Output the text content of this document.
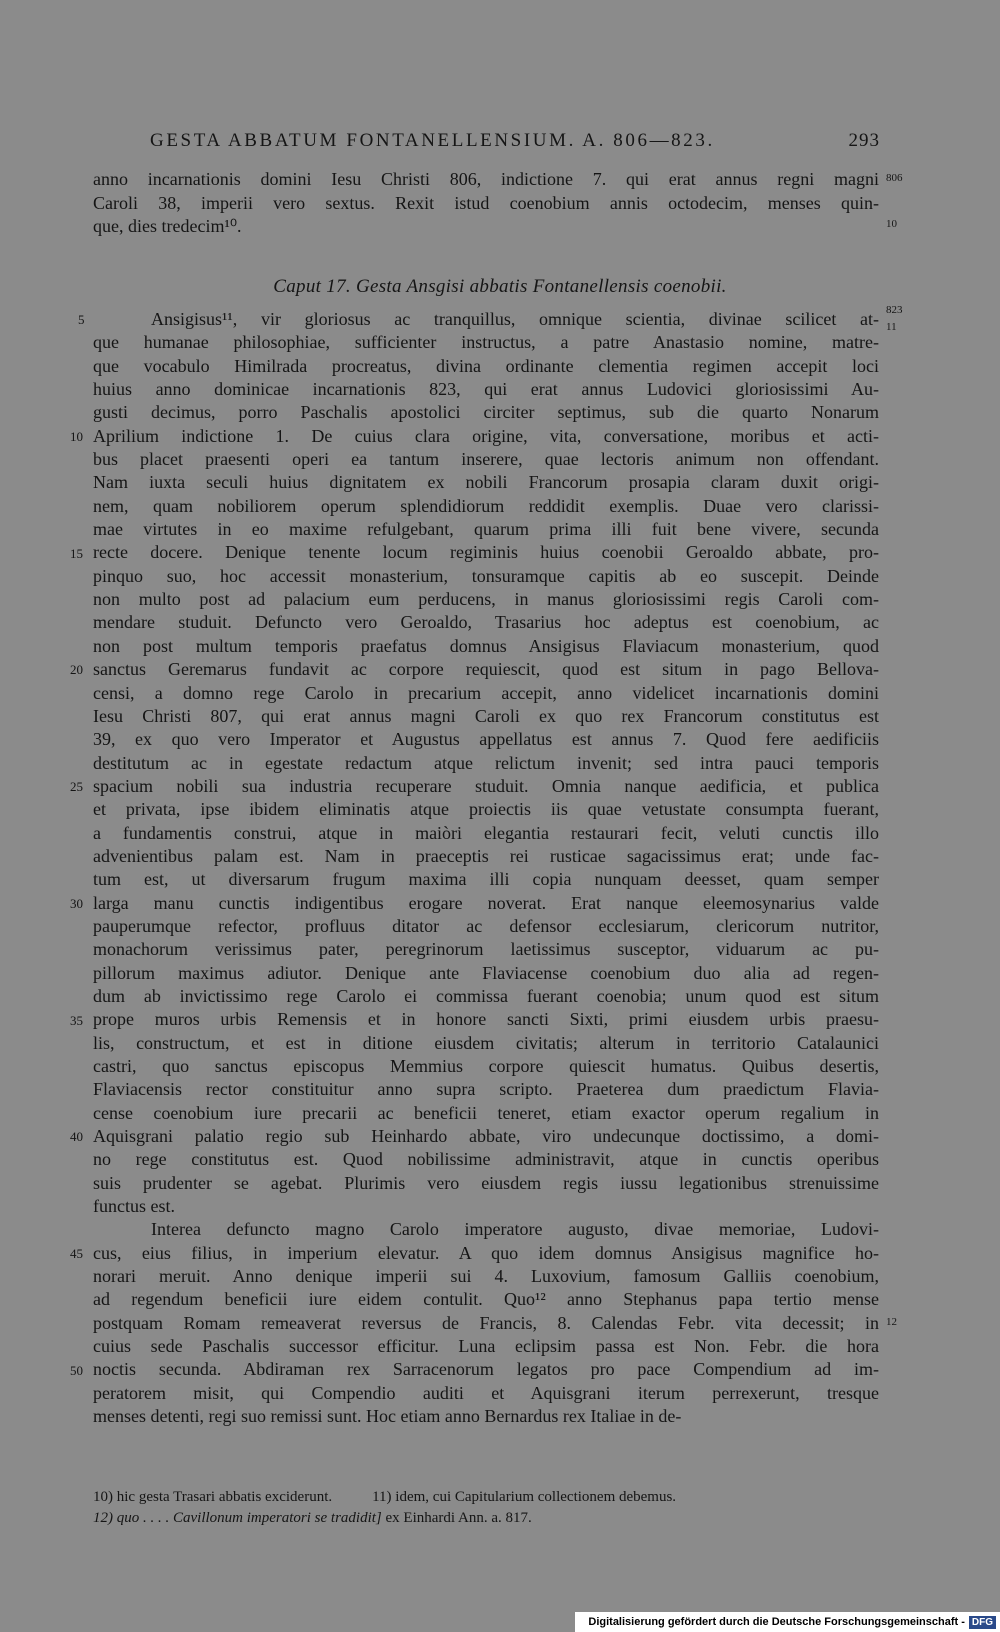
GESTA ABBATUM FONTANELLENSIUM. A. 806—823.	293
anno incarnationis domini Iesu Christi 806, indictione 7. qui erat annus regni magni
Caroli 38, imperii vero sextus. Rexit istud coenobium annis octodecim, menses quin-
que, dies tredecim¹⁰.
806
10
Caput 17. Gesta Ansgisi abbatis Fontanellensis coenobii.
Ansigisus¹¹, vir gloriosus ac tranquillus, omnique scientia, divinae scilicet at-
que humanae philosophiae, sufficienter instructus, a patre Anastasio nomine, matre-
que vocabulo Himilrada procreatus, divina ordinante clementia regimen accepit loci
huius anno dominicae incarnationis 823, qui erat annus Ludovici gloriosissimi Au-
gusti decimus, porro Paschalis apostolici circiter septimus, sub die quarto Nonarum
Aprilium indictione 1. De cuius clara origine, vita, conversatione, moribus et acti-
bus placet praesenti operi ea tantum inserere, quae lectoris animum non offendant.
Nam iuxta seculi huius dignitatem ex nobili Francorum prosapia claram duxit origi-
nem, quam nobiliorem operum splendidiorum reddidit exemplis. Duae vero clarissi-
mae virtutes in eo maxime refulgebant, quarum prima illi fuit bene vivere, secunda
recte docere. Denique tenente locum regiminis huius coenobii Geroaldo abbate, pro-
pinquo suo, hoc accessit monasterium, tonsuramque capitis ab eo suscepit. Deinde
non multo post ad palacium eum perducens, in manus gloriosissimi regis Caroli com-
mendare studuit. Defuncto vero Geroaldo, Trasarius hoc adeptus est coenobium, ac
non post multum temporis praefatus domnus Ansigisus Flaviacum monasterium, quod
sanctus Geremarus fundavit ac corpore requiescit, quod est situm in pago Bellova-
censi, a domno rege Carolo in precarium accepit, anno videlicet incarnationis domini
Iesu Christi 807, qui erat annus magni Caroli ex quo rex Francorum constitutus est
39, ex quo vero Imperator et Augustus appellatus est annus 7. Quod fere aedificiis
destitutum ac in egestate redactum atque relictum invenit; sed intra pauci temporis
spacium nobili sua industria recuperare studuit. Omnia nanque aedificia, et publica
et privata, ipse ibidem eliminatis atque proiectis iis quae vetustate consumpta fuerant,
a fundamentis construi, atque in maiòri elegantia restaurari fecit, veluti cunctis illo
advenientibus palam est. Nam in praeceptis rei rusticae sagacissimus erat; unde fac-
tum est, ut diversarum frugum maxima illi copia nunquam deesset, quam semper
larga manu cunctis indigentibus erogare noverat. Erat nanque eleemosynarius valde
pauperumque refector, profluus ditator ac defensor ecclesiarum, clericorum nutritor,
monachorum verissimus pater, peregrinorum laetissimus susceptor, viduarum ac pu-
pillorum maximus adiutor. Denique ante Flaviacense coenobium duo alia ad regen-
dum ab invictissimo rege Carolo ei commissa fuerant coenobia; unum quod est situm
prope muros urbis Remensis et in honore sancti Sixti, primi eiusdem urbis praesu-
lis, constructum, et est in ditione eiusdem civitatis; alterum in territorio Catalaunici
castri, quo sanctus episcopus Memmius corpore quiescit humatus. Quibus desertis,
Flaviacensis rector constituitur anno supra scripto. Praeterea dum praedictum Flavia-
cense coenobium iure precarii ac beneficii teneret, etiam exactor operum regalium in
Aquisgrani palatio regio sub Heinhardo abbate, viro undecunque doctissimo, a domi-
no rege constitutus est. Quod nobilissime administravit, atque in cunctis operibus
suis prudenter se agebat. Plurimis vero eiusdem regis iussu legationibus strenuissime
functus est.
Interea defuncto magno Carolo imperatore augusto, divae memoriae, Ludovi-
cus, eius filius, in imperium elevatur. A quo idem domnus Ansigisus magnifice ho-
norari meruit. Anno denique imperii sui 4. Luxovium, famosum Galliis coenobium,
ad regendum beneficii iure eidem contulit. Quo¹² anno Stephanus papa tertio mense
postquam Romam remeaverat reversus de Francis, 8. Calendas Febr. vita decessit; in
cuius sede Paschalis successor efficitur. Luna eclipsim passa est Non. Febr. die hora
noctis secunda. Abdiraman rex Sarracenorum legatos pro pace Compendium ad im-
peratorem misit, qui Compendio auditi et Aquisgrani iterum perrexerunt, tresque
menses detenti, regi suo remissi sunt. Hoc etiam anno Bernardus rex Italiae in de-
5
10
15
20
25
30
35
40
45
50
823
11
12
10) hic gesta Trasari abbatis exciderunt.	11) idem, cui Capitularium collectionem debemus.
12) quo . . . . Cavillonum imperatori se tradidit] ex Einhardi Ann. a. 817.
Digitalisierung gefördert durch die Deutsche Forschungsgemeinschaft - DFG
